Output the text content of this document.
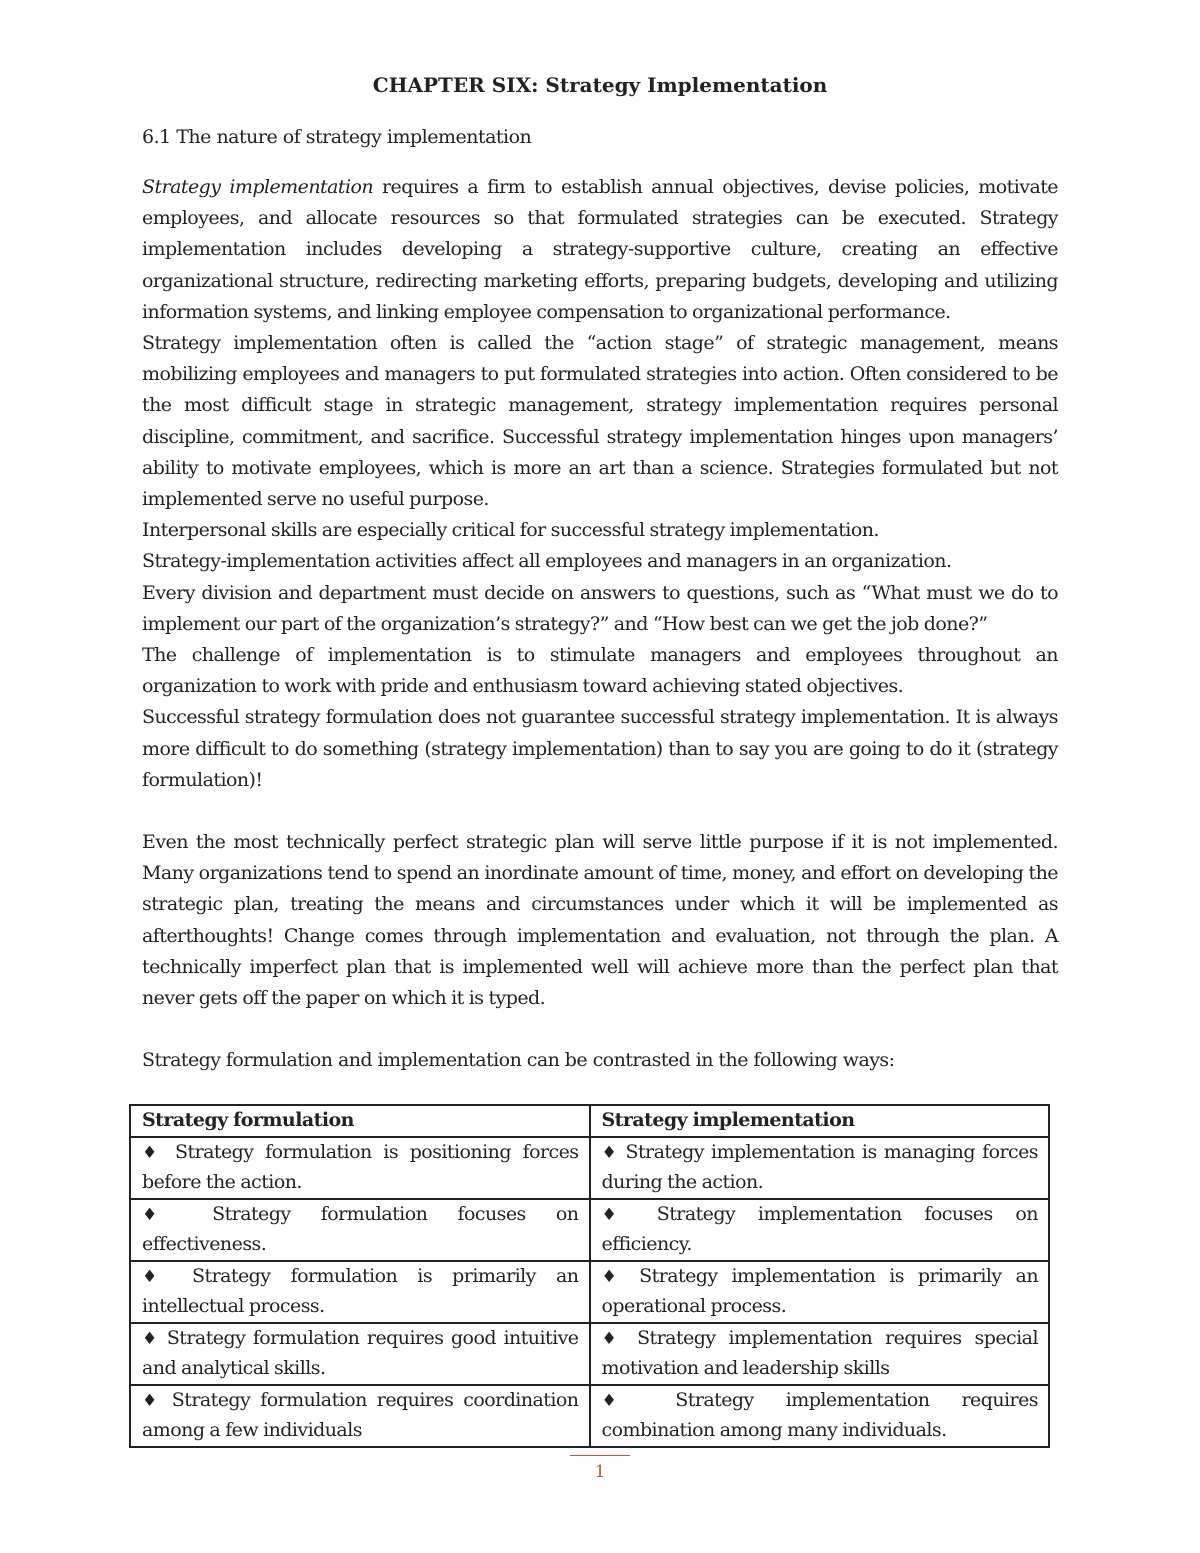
CHAPTER SIX: Strategy Implementation

6.1 The nature of strategy implementation

Strategy implementation requires a firm to establish annual objectives, devise policies, motivate employees, and allocate resources so that formulated strategies can be executed. Strategy implementation includes developing a strategy-supportive culture, creating an effective organizational structure, redirecting marketing efforts, preparing budgets, developing and utilizing information systems, and linking employee compensation to organizational performance.

Strategy implementation often is called the “action stage” of strategic management, means mobilizing employees and managers to put formulated strategies into action. Often considered to be the most difficult stage in strategic management, strategy implementation requires personal discipline, commitment, and sacrifice. Successful strategy implementation hinges upon managers’ ability to motivate employees, which is more an art than a science. Strategies formulated but not implemented serve no useful purpose.

Interpersonal skills are especially critical for successful strategy implementation.

Strategy-implementation activities affect all employees and managers in an organization.

Every division and department must decide on answers to questions, such as “What must we do to implement our part of the organization’s strategy?” and “How best can we get the job done?”

The challenge of implementation is to stimulate managers and employees throughout an organization to work with pride and enthusiasm toward achieving stated objectives.

Successful strategy formulation does not guarantee successful strategy implementation. It is always more difficult to do something (strategy implementation) than to say you are going to do it (strategy formulation)!

Even the most technically perfect strategic plan will serve little purpose if it is not implemented. Many organizations tend to spend an inordinate amount of time, money, and effort on developing the strategic plan, treating the means and circumstances under which it will be implemented as afterthoughts! Change comes through implementation and evaluation, not through the plan. A technically imperfect plan that is implemented well will achieve more than the perfect plan that never gets off the paper on which it is typed.

Strategy formulation and implementation can be contrasted in the following ways:

Strategy formulation	Strategy implementation
♦ Strategy formulation is positioning forces before the action.	♦ Strategy implementation is managing forces during the action.
♦ Strategy formulation focuses on effectiveness.	♦ Strategy implementation focuses on efficiency.
♦ Strategy formulation is primarily an intellectual process.	♦ Strategy implementation is primarily an operational process.
♦ Strategy formulation requires good intuitive and analytical skills.	♦ Strategy implementation requires special motivation and leadership skills
♦ Strategy formulation requires coordination among a few individuals	♦ Strategy implementation requires combination among many individuals.
1
